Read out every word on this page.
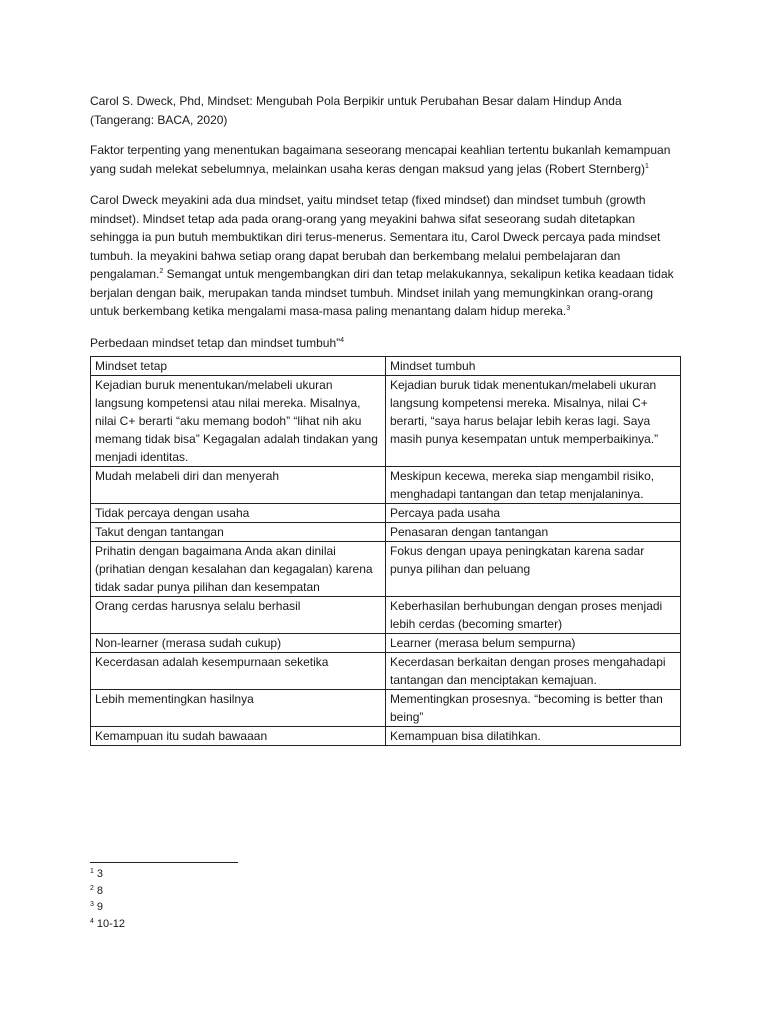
Carol S. Dweck, Phd, Mindset: Mengubah Pola Berpikir untuk Perubahan Besar dalam Hindup Anda (Tangerang: BACA, 2020)

Faktor terpenting yang menentukan bagaimana seseorang mencapai keahlian tertentu bukanlah kemampuan yang sudah melekat sebelumnya, melainkan usaha keras dengan maksud yang jelas (Robert Sternberg)$^1$

Carol Dweck meyakini ada dua mindset, yaitu mindset tetap (fixed mindset) dan mindset tumbuh (growth mindset). Mindset tetap ada pada orang-orang yang meyakini bahwa sifat seseorang sudah ditetapkan sehingga ia pun butuh membuktikan diri terus-menerus. Sementara itu, Carol Dweck percaya pada mindset tumbuh. Ia meyakini bahwa setiap orang dapat berubah dan berkembang melalui pembelajaran dan pengalaman.$^2$ Semangat untuk mengembangkan diri dan tetap melakukannya, sekalipun ketika keadaan tidak berjalan dengan baik, merupakan tanda mindset tumbuh. Mindset inilah yang memungkinkan orang-orang untuk berkembang ketika mengalami masa-masa paling menantang dalam hidup mereka.$^3$

Perbedaan mindset tetap dan mindset tumbuh”$^4$

Mindset tetap	Mindset tumbuh
Kejadian buruk menentukan/melabeli ukuran langsung kompetensi atau nilai mereka. Misalnya, nilai C+ berarti “aku memang bodoh” “lihat nih aku memang tidak bisa” Kegagalan adalah tindakan yang menjadi identitas.	Kejadian buruk tidak menentukan/melabeli ukuran langsung kompetensi mereka. Misalnya, nilai C+ berarti, “saya harus belajar lebih keras lagi. Saya masih punya kesempatan untuk memperbaikinya.”
Mudah melabeli diri dan menyerah	Meskipun kecewa, mereka siap mengambil risiko, menghadapi tantangan dan tetap menjalaninya.
Tidak percaya dengan usaha	Percaya pada usaha
Takut dengan tantangan	Penasaran dengan tantangan
Prihatin dengan bagaimana Anda akan dinilai (prihatian dengan kesalahan dan kegagalan) karena tidak sadar punya pilihan dan kesempatan	Fokus dengan upaya peningkatan karena sadar punya pilihan dan peluang
Orang cerdas harusnya selalu berhasil	Keberhasilan berhubungan dengan proses menjadi lebih cerdas (becoming smarter)
Non-learner (merasa sudah cukup)	Learner (merasa belum sempurna)
Kecerdasan adalah kesempurnaan seketika	Kecerdasan berkaitan dengan proses mengahadapi tantangan dan menciptakan kemajuan.
Lebih mementingkan hasilnya	Mementingkan prosesnya. “becoming is better than being”
Kemampuan itu sudah bawaaan	Kemampuan bisa dilatihkan.
$^1$ 3
$^2$ 8
$^3$ 9
$^4$ 10-12
